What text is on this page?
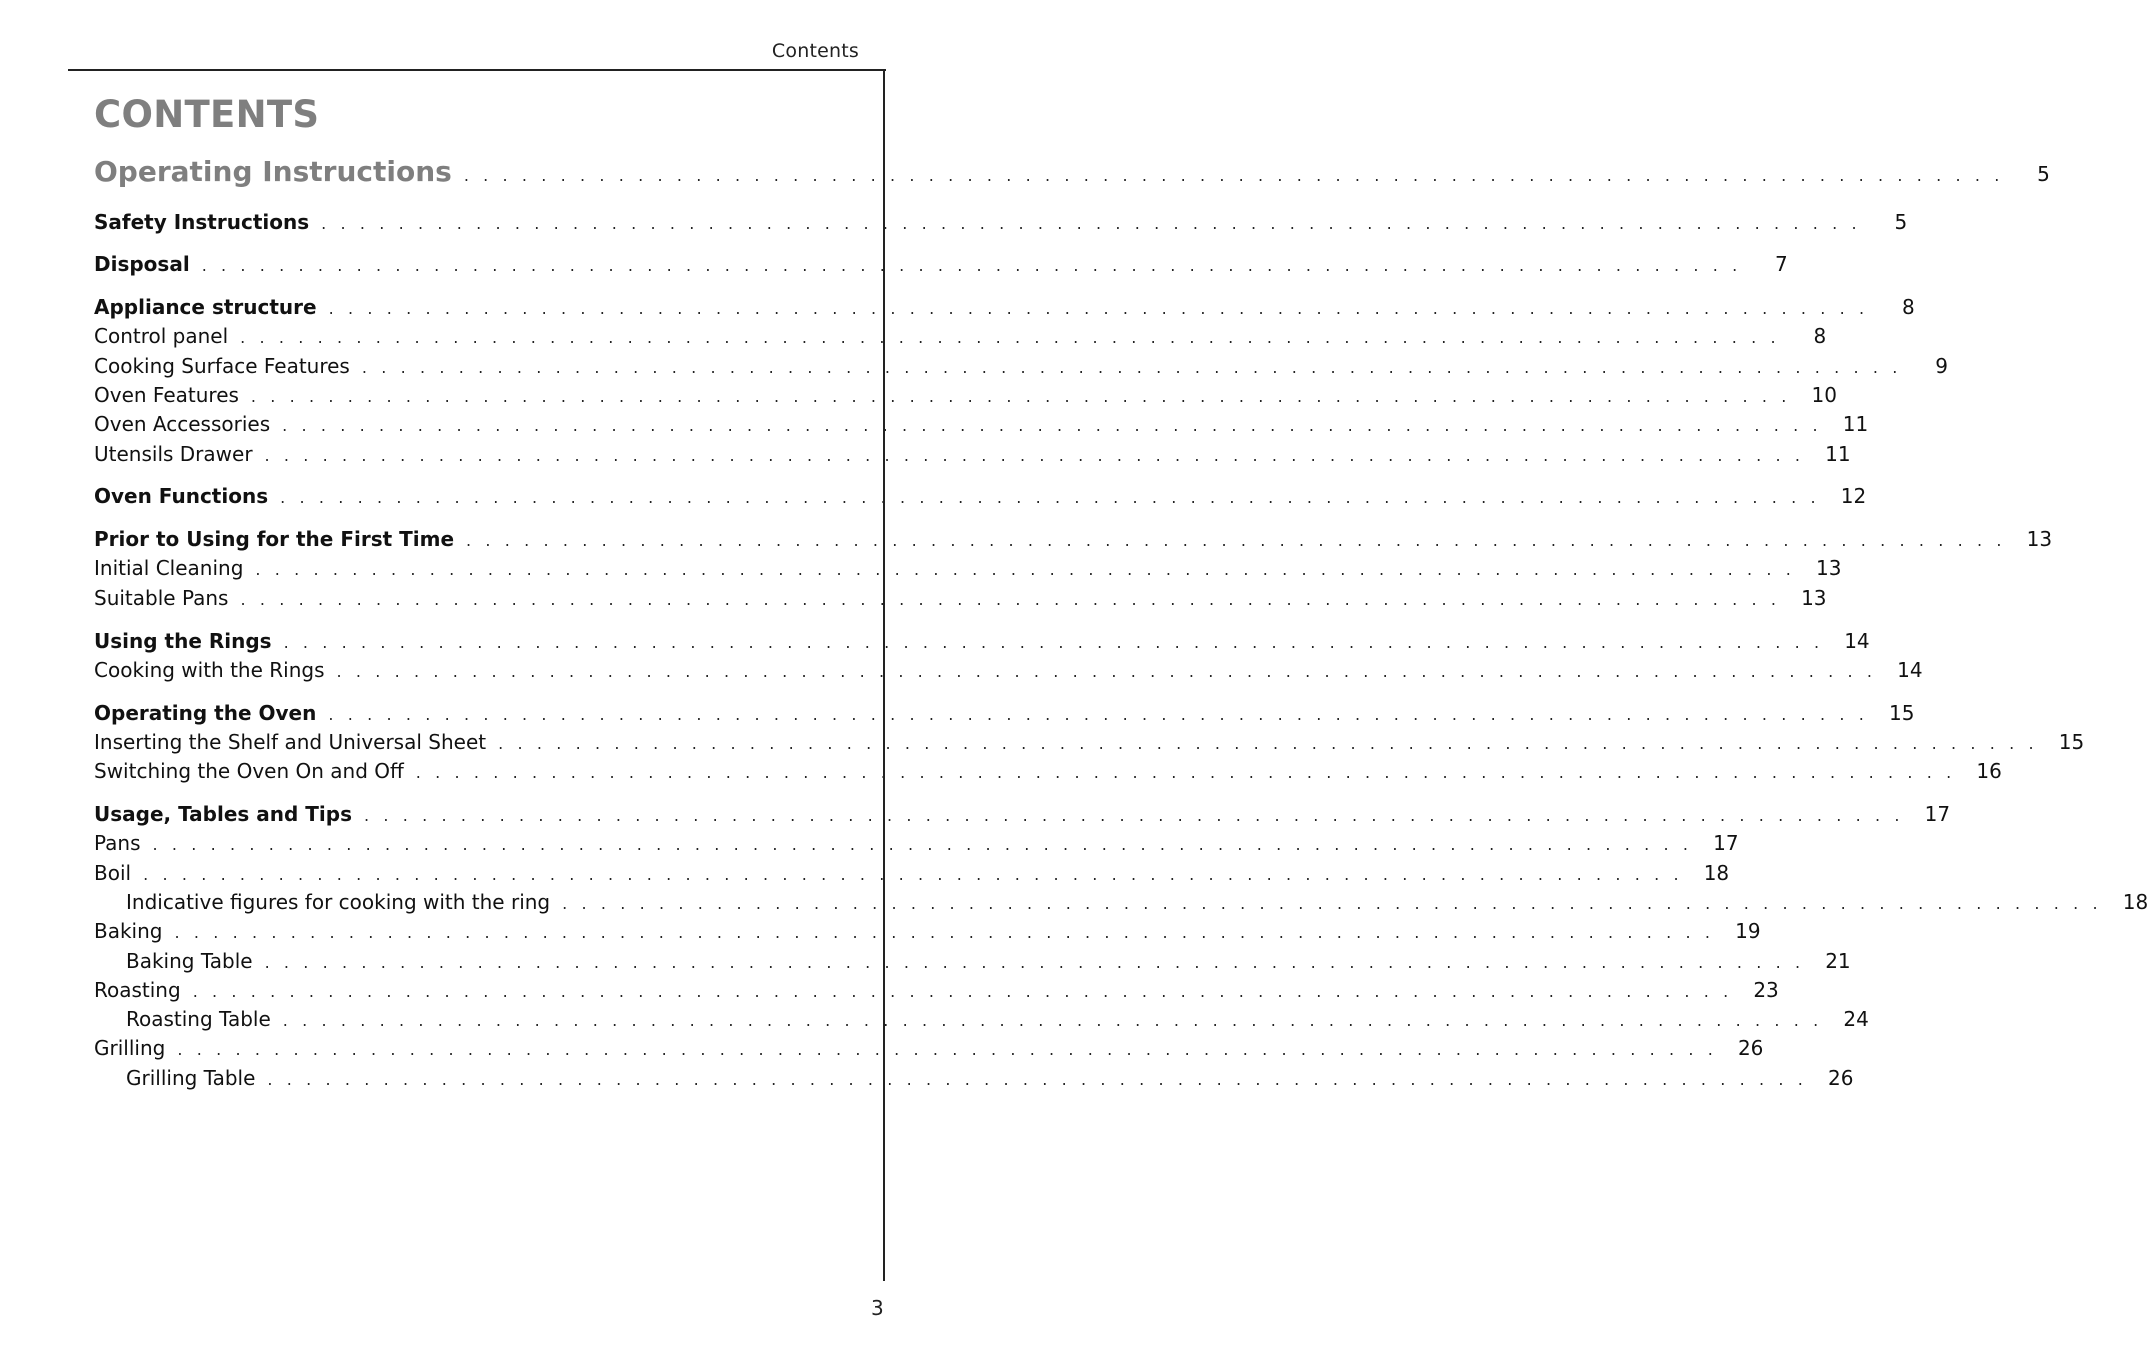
Contents
CONTENTS
Operating Instructions . . . . . . . . . . . . . . . . . . . . . . . . . . . . . . . . . . . . . . . . . . . . . . . . . . . . . . . . . . . . . . . . . . . . . . . . . . . . . . . .	5
Safety Instructions . . . . . . . . . . . . . . . . . . . . . . . . . . . . . . . . . . . . . . . . . . . . . . . . . . . . . . . . . . . . . . . . . . . . . . . . . . . . . . . .	5
Disposal . . . . . . . . . . . . . . . . . . . . . . . . . . . . . . . . . . . . . . . . . . . . . . . . . . . . . . . . . . . . . . . . . . . . . . . . . . . . . . . .	7
Appliance structure . . . . . . . . . . . . . . . . . . . . . . . . . . . . . . . . . . . . . . . . . . . . . . . . . . . . . . . . . . . . . . . . . . . . . . . . . . . . . . . .	8
Control panel . . . . . . . . . . . . . . . . . . . . . . . . . . . . . . . . . . . . . . . . . . . . . . . . . . . . . . . . . . . . . . . . . . . . . . . . . . . . . . . .	8
Cooking Surface Features . . . . . . . . . . . . . . . . . . . . . . . . . . . . . . . . . . . . . . . . . . . . . . . . . . . . . . . . . . . . . . . . . . . . . . . . . . . . . . . .	9
Oven Features . . . . . . . . . . . . . . . . . . . . . . . . . . . . . . . . . . . . . . . . . . . . . . . . . . . . . . . . . . . . . . . . . . . . . . . . . . . . . . . . 10
Oven Accessories . . . . . . . . . . . . . . . . . . . . . . . . . . . . . . . . . . . . . . . . . . . . . . . . . . . . . . . . . . . . . . . . . . . . . . . . . . . . . . . . 11
Utensils Drawer . . . . . . . . . . . . . . . . . . . . . . . . . . . . . . . . . . . . . . . . . . . . . . . . . . . . . . . . . . . . . . . . . . . . . . . . . . . . . . . . 11
Oven Functions . . . . . . . . . . . . . . . . . . . . . . . . . . . . . . . . . . . . . . . . . . . . . . . . . . . . . . . . . . . . . . . . . . . . . . . . . . . . . . . . 12
Prior to Using for the First Time . . . . . . . . . . . . . . . . . . . . . . . . . . . . . . . . . . . . . . . . . . . . . . . . . . . . . . . . . . . . . . . . . . . . . . . . . . . . . . . . 13
Initial Cleaning . . . . . . . . . . . . . . . . . . . . . . . . . . . . . . . . . . . . . . . . . . . . . . . . . . . . . . . . . . . . . . . . . . . . . . . . . . . . . . . . 13
Suitable Pans . . . . . . . . . . . . . . . . . . . . . . . . . . . . . . . . . . . . . . . . . . . . . . . . . . . . . . . . . . . . . . . . . . . . . . . . . . . . . . . . 13
Using the Rings . . . . . . . . . . . . . . . . . . . . . . . . . . . . . . . . . . . . . . . . . . . . . . . . . . . . . . . . . . . . . . . . . . . . . . . . . . . . . . . . 14
Cooking with the Rings . . . . . . . . . . . . . . . . . . . . . . . . . . . . . . . . . . . . . . . . . . . . . . . . . . . . . . . . . . . . . . . . . . . . . . . . . . . . . . . . 14
Operating the Oven . . . . . . . . . . . . . . . . . . . . . . . . . . . . . . . . . . . . . . . . . . . . . . . . . . . . . . . . . . . . . . . . . . . . . . . . . . . . . . . . 15
Inserting the Shelf and Universal Sheet . . . . . . . . . . . . . . . . . . . . . . . . . . . . . . . . . . . . . . . . . . . . . . . . . . . . . . . . . . . . . . . . . . . . . . . . . . . . . . . . 15
Switching the Oven On and Off . . . . . . . . . . . . . . . . . . . . . . . . . . . . . . . . . . . . . . . . . . . . . . . . . . . . . . . . . . . . . . . . . . . . . . . . . . . . . . . . 16
Usage, Tables and Tips . . . . . . . . . . . . . . . . . . . . . . . . . . . . . . . . . . . . . . . . . . . . . . . . . . . . . . . . . . . . . . . . . . . . . . . . . . . . . . . . 17
Pans . . . . . . . . . . . . . . . . . . . . . . . . . . . . . . . . . . . . . . . . . . . . . . . . . . . . . . . . . . . . . . . . . . . . . . . . . . . . . . . . 17
Boil . . . . . . . . . . . . . . . . . . . . . . . . . . . . . . . . . . . . . . . . . . . . . . . . . . . . . . . . . . . . . . . . . . . . . . . . . . . . . . . . 18
Indicative figures for cooking with the ring . . . . . . . . . . . . . . . . . . . . . . . . . . . . . . . . . . . . . . . . . . . . . . . . . . . . . . . . . . . . . . . . . . . . . . . . . . . . . . . . 18
Baking . . . . . . . . . . . . . . . . . . . . . . . . . . . . . . . . . . . . . . . . . . . . . . . . . . . . . . . . . . . . . . . . . . . . . . . . . . . . . . . . 19
Baking Table . . . . . . . . . . . . . . . . . . . . . . . . . . . . . . . . . . . . . . . . . . . . . . . . . . . . . . . . . . . . . . . . . . . . . . . . . . . . . . . . 21
Roasting . . . . . . . . . . . . . . . . . . . . . . . . . . . . . . . . . . . . . . . . . . . . . . . . . . . . . . . . . . . . . . . . . . . . . . . . . . . . . . . . 23
Roasting Table . . . . . . . . . . . . . . . . . . . . . . . . . . . . . . . . . . . . . . . . . . . . . . . . . . . . . . . . . . . . . . . . . . . . . . . . . . . . . . . . 24
Grilling . . . . . . . . . . . . . . . . . . . . . . . . . . . . . . . . . . . . . . . . . . . . . . . . . . . . . . . . . . . . . . . . . . . . . . . . . . . . . . . . 26
Grilling Table . . . . . . . . . . . . . . . . . . . . . . . . . . . . . . . . . . . . . . . . . . . . . . . . . . . . . . . . . . . . . . . . . . . . . . . . . . . . . . . . 26
3
